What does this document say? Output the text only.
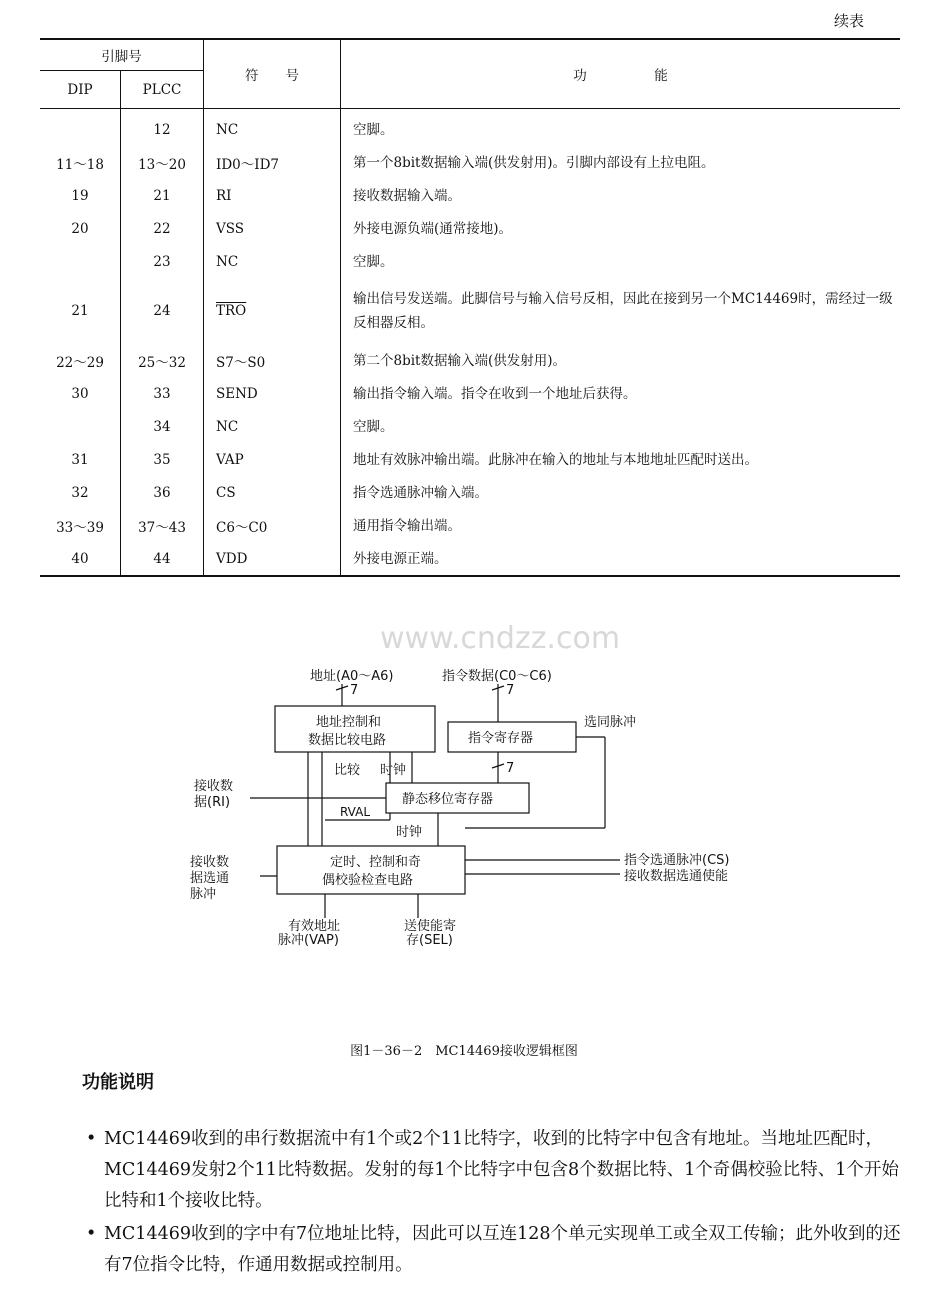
续表
引脚号		符　　号	功　　　　　能
DIP	PLCC		
	12	NC	空脚。
11～18	13～20	ID0～ID7	第一个8bit数据输入端(供发射用)。引脚内部设有上拉电阻。
19	21	RI	接收数据输入端。
20	22	VSS	外接电源负端(通常接地)。
	23	NC	空脚。
21	24	$\overline{TRO}$	输出信号发送端。此脚信号与输入信号反相，因此在接到另一个MC14469时，需经过一级反相器反相。
22～29	25～32	S7～S0	第二个8bit数据输入端(供发射用)。
30	33	SEND	输出指令输入端。指令在收到一个地址后获得。
	34	NC	空脚。
31	35	VAP	地址有效脉冲输出端。此脉冲在输入的地址与本地地址匹配时送出。
32	36	CS	指令选通脉冲输入端。
33～39	37～43	C6～C0	通用指令输出端。
40	44	VDD	外接电源正端。
www.cndzz.com
地址(A0～A6)	指令数据(C0～C6)
7	7
7
地址控制和
数据比较电路	指令寄存器
静态移位寄存器
定时、控制和奇
偶校验检查电路
比较 时钟
RVAL
时钟
选同脉冲
接收数
据(RI)
接收数
据选通
脉冲
指令选通脉冲(CS)
接收数据选通使能
有效地址
脉冲(VAP)
送使能寄
存(SEL)
图1－36－2　MC14469接收逻辑框图
功能说明
• MC14469收到的串行数据流中有1个或2个11比特字，收到的比特字中包含有地址。当地址匹配时，MC14469发射2个11比特数据。发射的每1个比特字中包含8个数据比特、1个奇偶校验比特、1个开始比特和1个接收比特。
• MC14469收到的字中有7位地址比特，因此可以互连128个单元实现单工或全双工传输；此外收到的还有7位指令比特，作通用数据或控制用。
